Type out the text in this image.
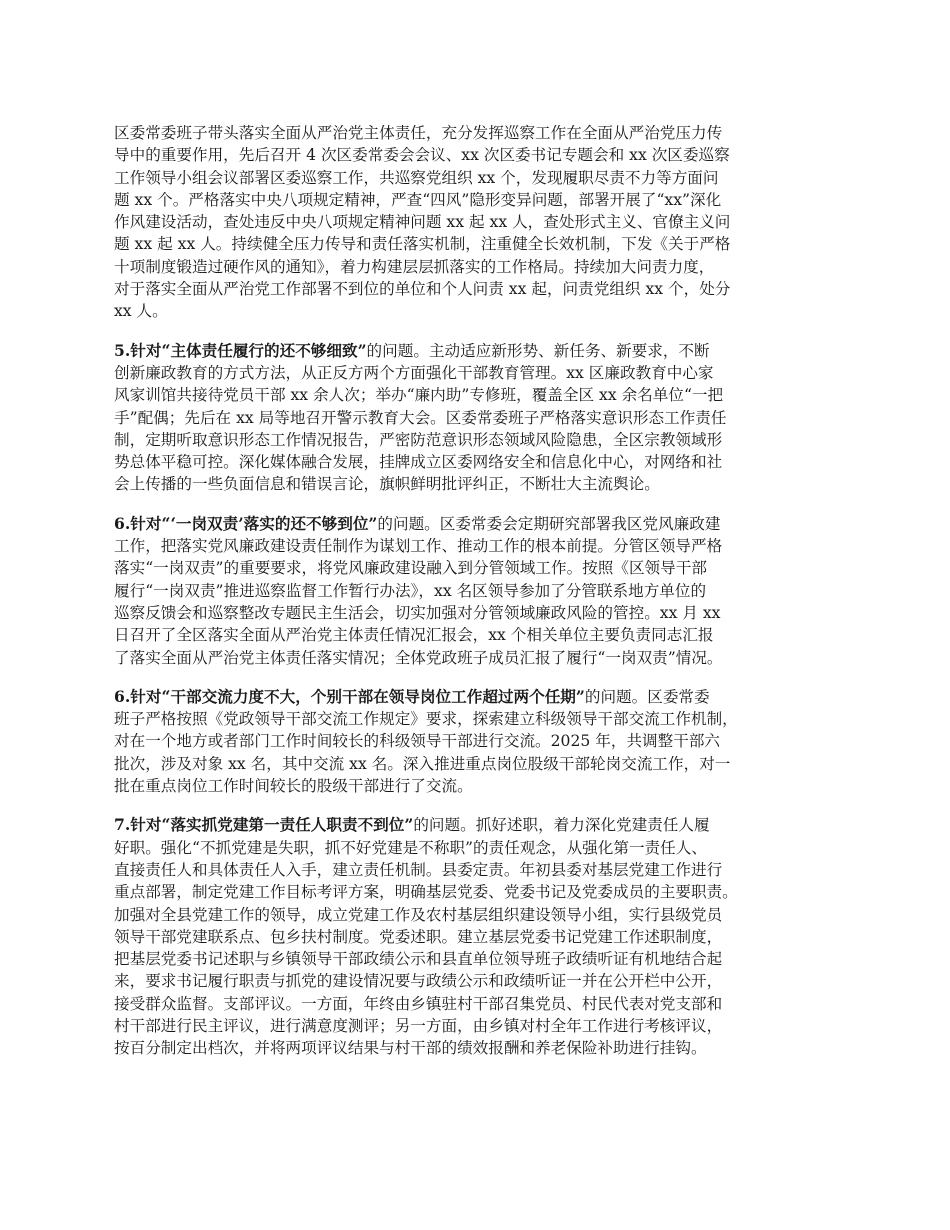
区委常委班子带头落实全面从严治党主体责任，充分发挥巡察工作在全面从严治党压力传
导中的重要作用，先后召开 4 次区委常委会会议、xx 次区委书记专题会和 xx 次区委巡察
工作领导小组会议部署区委巡察工作，共巡察党组织 xx 个，发现履职尽责不力等方面问
题 xx 个。严格落实中央八项规定精神，严查“四风”隐形变异问题，部署开展了“xx”深化
作风建设活动，查处违反中央八项规定精神问题 xx 起 xx 人，查处形式主义、官僚主义问
题 xx 起 xx 人。持续健全压力传导和责任落实机制，注重健全长效机制，下发《关于严格
十项制度锻造过硬作风的通知》，着力构建层层抓落实的工作格局。持续加大问责力度，
对于落实全面从严治党工作部署不到位的单位和个人问责 xx 起，问责党组织 xx 个，处分
xx 人。
5.针对“主体责任履行的还不够细致”的问题。主动适应新形势、新任务、新要求，不断
创新廉政教育的方式方法，从正反方两个方面强化干部教育管理。xx 区廉政教育中心家
风家训馆共接待党员干部 xx 余人次；举办“廉内助”专修班，覆盖全区 xx 余名单位“一把
手”配偶；先后在 xx 局等地召开警示教育大会。区委常委班子严格落实意识形态工作责任
制，定期听取意识形态工作情况报告，严密防范意识形态领域风险隐患，全区宗教领域形
势总体平稳可控。深化媒体融合发展，挂牌成立区委网络安全和信息化中心，对网络和社
会上传播的一些负面信息和错误言论，旗帜鲜明批评纠正，不断壮大主流舆论。
6.针对“‘一岗双责’落实的还不够到位”的问题。区委常委会定期研究部署我区党风廉政建
工作，把落实党风廉政建设责任制作为谋划工作、推动工作的根本前提。分管区领导严格
落实“一岗双责”的重要要求，将党风廉政建设融入到分管领域工作。按照《区领导干部
履行“一岗双责”推进巡察监督工作暂行办法》，xx 名区领导参加了分管联系地方单位的
巡察反馈会和巡察整改专题民主生活会，切实加强对分管领域廉政风险的管控。xx 月 xx
日召开了全区落实全面从严治党主体责任情况汇报会，xx 个相关单位主要负责同志汇报
了落实全面从严治党主体责任落实情况；全体党政班子成员汇报了履行“一岗双责”情况。
6.针对“干部交流力度不大，个别干部在领导岗位工作超过两个任期”的问题。区委常委
班子严格按照《党政领导干部交流工作规定》要求，探索建立科级领导干部交流工作机制，
对在一个地方或者部门工作时间较长的科级领导干部进行交流。2025 年，共调整干部六
批次，涉及对象 xx 名，其中交流 xx 名。深入推进重点岗位股级干部轮岗交流工作，对一
批在重点岗位工作时间较长的股级干部进行了交流。
7.针对“落实抓党建第一责任人职责不到位”的问题。抓好述职，着力深化党建责任人履
好职。强化“不抓党建是失职，抓不好党建是不称职”的责任观念，从强化第一责任人、
直接责任人和具体责任人入手，建立责任机制。县委定责。年初县委对基层党建工作进行
重点部署，制定党建工作目标考评方案，明确基层党委、党委书记及党委成员的主要职责。
加强对全县党建工作的领导，成立党建工作及农村基层组织建设领导小组，实行县级党员
领导干部党建联系点、包乡扶村制度。党委述职。建立基层党委书记党建工作述职制度，
把基层党委书记述职与乡镇领导干部政绩公示和县直单位领导班子政绩听证有机地结合起
来，要求书记履行职责与抓党的建设情况要与政绩公示和政绩听证一并在公开栏中公开，
接受群众监督。支部评议。一方面，年终由乡镇驻村干部召集党员、村民代表对党支部和
村干部进行民主评议，进行满意度测评；另一方面，由乡镇对村全年工作进行考核评议，
按百分制定出档次，并将两项评议结果与村干部的绩效报酬和养老保险补助进行挂钩。
